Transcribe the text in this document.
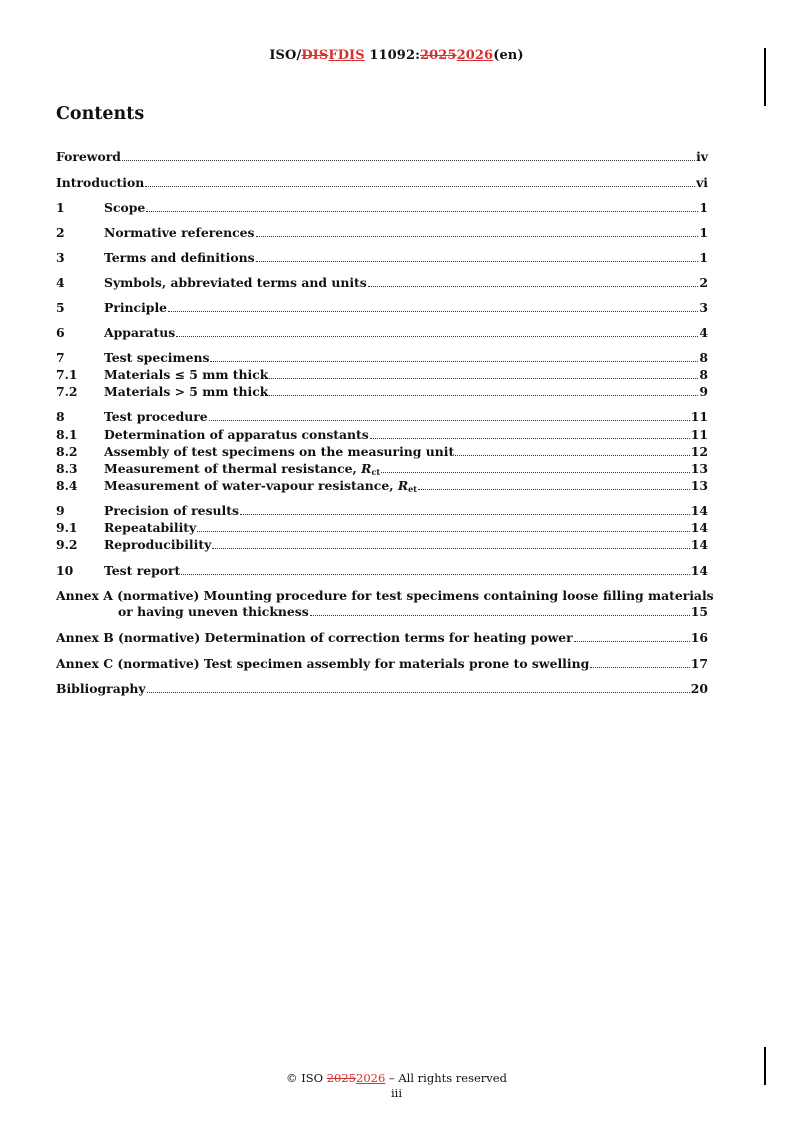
ISO/DISFDIS 11092:20252026(en)
Contents
Foreword	iv
Introduction	vi
1	Scope	1
2	Normative references	1
3	Terms and definitions	1
4	Symbols, abbreviated terms and units	2
5	Principle	3
6	Apparatus	4
7	Test specimens	8
7.1	Materials ≤ 5 mm thick	8
7.2	Materials > 5 mm thick	9
8	Test procedure	11
8.1	Determination of apparatus constants	11
8.2	Assembly of test specimens on the measuring unit	12
8.3	Measurement of thermal resistance, $R_{ct}$	13
8.4	Measurement of water-vapour resistance, $R_{et}$	13
9	Precision of results	14
9.1	Repeatability	14
9.2	Reproducibility	14
10	Test report	14
Annex A (normative) Mounting procedure for test specimens containing loose filling materials
or having uneven thickness	15
Annex B (normative) Determination of correction terms for heating power	16
Annex C (normative) Test specimen assembly for materials prone to swelling	17
Bibliography	20
© ISO 20252026 – All rights reserved
iii
